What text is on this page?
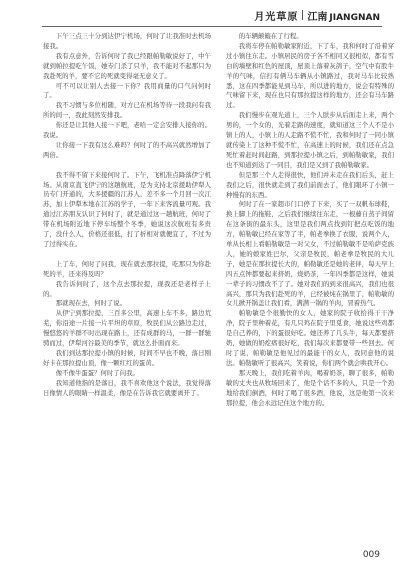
月光草原 江南 JIANGNAN

下午三点三十分到达伊宁机场，何时了让我准时去机场接我。

我有点意外，告诉何时了我已经跟帕勒敏说好了，中午就到帕拉提吃午饭，她专门杀了只羊，我不能对不起那只为我赴死的羊，要不它的死就变得毫无意义了。

可不可以让别人去接一下你？我用商量的口气问何时了。

我不习惯与多位相随，对方已在机场等待一段我问有我所的间一，我此刻然安排我。

你还是让其他人接一下吧，老哈一定会安排人接你的。我说。

让你接一下我有这么难吗？何时了的不高兴就然增加了两倍。

我不得不留下来接何时了。下午，飞机准点降落伊宁机场。从南京直飞伊宁的这趟航班，是为支持北京援助伊犁人员专门开通的，大多援疆的江苏人，差不多一个月回一次江苏，加上伊犁本地在江苏的学子，一年下来客流量可观。我通过江苏朋友认识了何时了，就是通过这一趟航班，何时了带在机场附近地下停车场整个冬季，她说这次航班有多贵了，没什么人，价格还很低，打了折相对就便宜了，不过为了过得实在。

上了车，何时了问我，现在就去那拉提，吃那只为你赴死的羊，还来得及吗？

我告诉何时了，这个点去那拉提，现我还是老样子上的。

那就现在去，何时了说。

从伊宁到那拉提，三百多公里，高速上车不多，路边荒芜，你沿途一片接一片平坦的草原，牧民们从公路边走过，慢悠悠的羊群不时出现在路上，还有成群的马，一群一群驰骋而过，伊犁河谷最美的季节，就这么扑面而来。

我们到达那拉提小镇的时候，时间不早也不晚，落日刚好卡在那拉提山顶，像一颗红红的蛋黄。

像不像牛蛋蛋？何时了问我。

我知道他指的是落日，我不喜欢他这个说法，我觉得落日像情人的眼睛一样温柔，像是在告诉我它就要离开了。

的车辆颠簸在了行程。

我将车停在帕勒敏家附近，下了车，我和何时了沿着穿过小镇往东走。小镇居民的房子各不相同又很相似，都有雪白的墙壁和红色的屋顶，屋顶上落着灰鸽子，空气中有股牛羊的气味，信打有俩马车辆从小镇路过，我对马车比较熟悉，这在四季都能见到马车，所以进的地方，说会有特殊的气味留下来，现在也只有那拉提这样的地方，还会有马车路过。

我们慢步在观光道上，三个人肤步从后面走上来，两个男的，一个女的，光着走路的速度，就知道这三个人不是小镇上的人，小镇上的人走路不慌不忙，我和何时了一同小镇就传染上了这种不慌不忙，在高速上的时候，我们还在点急死忙着赶时间赶路，到那拉提小镇之后，到帕勒敏家，我们也不知道到达了一同目，我们是又到了我帕勒敏家。

但是那三个人走得很快，他们并未走在我们后头，赶上我们之后，很快就走到了我们前面去了，他们眼环了小镇一种慢有的东西。

何时了在一家超市门口停了下来，买了一双帆布球鞋，换上脚上的拖鞋，之后我们继续往东走，一根藤自蒸子间留在这条街的最东头，这里是我们两点找到钉把点吃饭的地方，帕勒敏已经在家等了半，帕老拳换了衣服，说两个人，单从长相上看帕勒敏是一对父女，不过帕勒敏不是哈萨克族人，她的娘家姓巴尔，父亲是牧民，帕老拳是牧民的大儿子，她是在那拉提长大的，帕勒敏还是她的老伴，每天早上四五点钟都要起来挤奶，烧奶茶，一年四季都是这样，她说一辈子的习惯改不了了。她对我们的到来很高兴，我们也很高兴，那只为我们赴死的羊，已经被炖在锅里了，帕勒敏的女儿掀开锅盖让我们看，满满一锅的羊肉，冒着热气。

帕勒敏是个很勤快的女人，她家的院子收拾得干干净净，院子里种着花，有几只鸡在院子里觅食，她说这些鸡都是自己养的，下的蛋很好吃。她还养了几头牛，每天都要挤奶，她做的奶疙瘩很好吃，我们每次来都要带一些回去。何时了说，帕勒敏是他见过的最能干的女人，我同意他的说法。帕勒敏听了很高兴，笑着说，你们两个就会哄我开心。

那天晚上，我们吃着羊肉，喝着奶茶，聊了很多，帕勒敏的丈夫也从牧场回来了，他是个话不多的人，只是一个劲地给我们倒酒，何时了喝了很多酒，他说，这是他第一次来那拉提，他会永远记住这个地方的。

009
